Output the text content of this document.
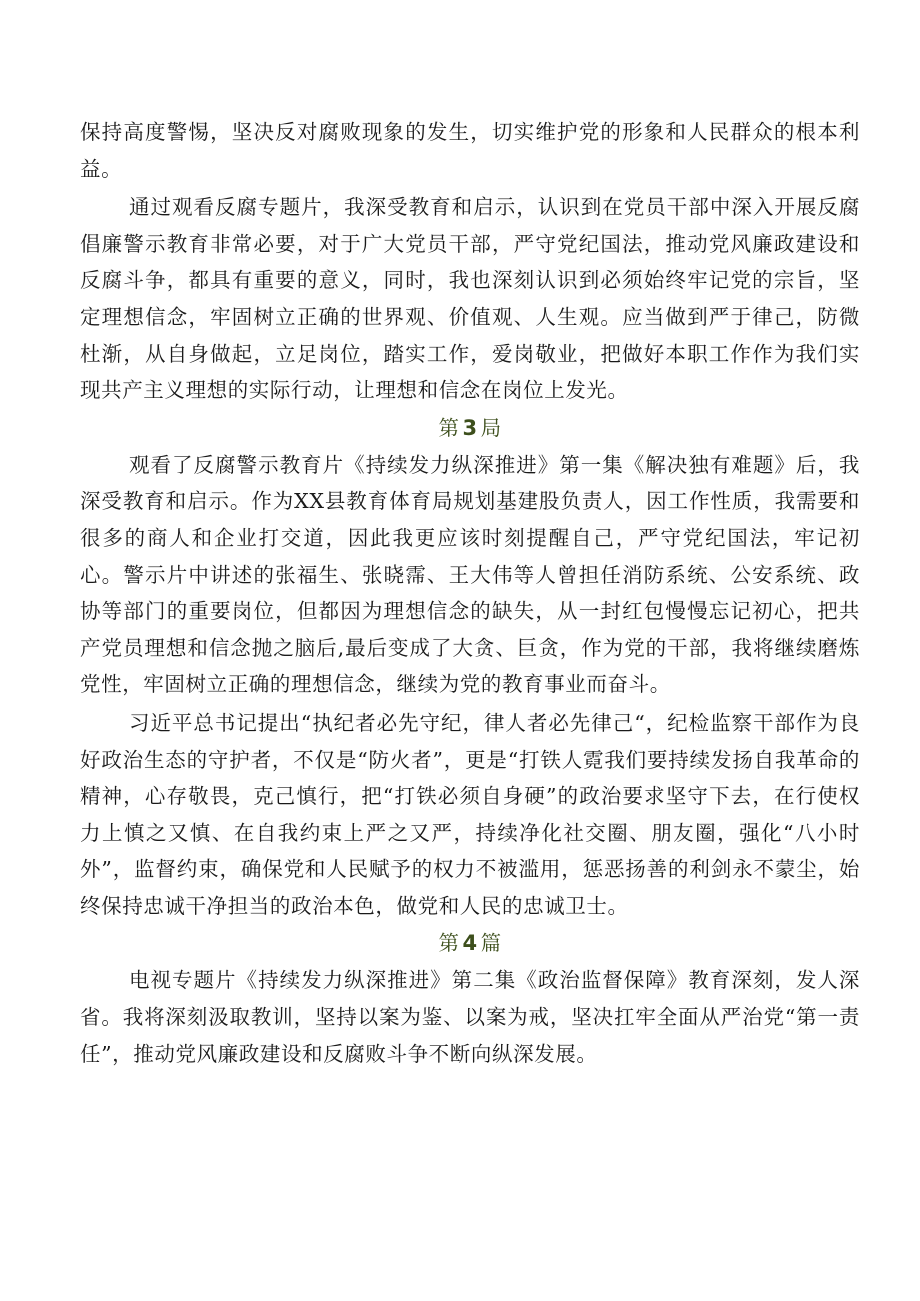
保持高度警惕，坚决反对腐败现象的发生，切实维护党的形象和人民群众的根本利益。

通过观看反腐专题片，我深受教育和启示，认识到在党员干部中深入开展反腐倡廉警示教育非常必要，对于广大党员干部，严守党纪国法，推动党风廉政建设和反腐斗争，都具有重要的意义，同时，我也深刻认识到必须始终牢记党的宗旨，坚定理想信念，牢固树立正确的世界观、价值观、人生观。应当做到严于律己，防微杜渐，从自身做起，立足岗位，踏实工作，爱岗敬业，把做好本职工作作为我们实现共产主义理想的实际行动，让理想和信念在岗位上发光。

第 3 局

观看了反腐警示教育片《持续发力纵深推进》第一集《解决独有难题》后，我深受教育和启示。作为XX县教育体育局规划基建股负责人，因工作性质，我需要和很多的商人和企业打交道，因此我更应该时刻提醒自己，严守党纪国法，牢记初心。警示片中讲述的张福生、张晓霈、王大伟等人曾担任消防系统、公安系统、政协等部门的重要岗位，但都因为理想信念的缺失，从一封红包慢慢忘记初心，把共产党员理想和信念抛之脑后,最后变成了大贪、巨贪，作为党的干部，我将继续磨炼党性，牢固树立正确的理想信念，继续为党的教育事业而奋斗。

习近平总书记提出“执纪者必先守纪，律人者必先律己“，纪检监察干部作为良好政治生态的守护者，不仅是“防火者”，更是“打铁人霓我们要持续发扬自我革命的精神，心存敬畏，克己慎行，把“打铁必须自身硬”的政治要求坚守下去，在行使权力上慎之又慎、在自我约束上严之又严，持续净化社交圈、朋友圈，强化“八小时外”，监督约束，确保党和人民赋予的权力不被滥用，惩恶扬善的利剑永不蒙尘，始终保持忠诚干净担当的政治本色，做党和人民的忠诚卫士。

第 4 篇

电视专题片《持续发力纵深推进》第二集《政治监督保障》教育深刻，发人深省。我将深刻汲取教训，坚持以案为鉴、以案为戒，坚决扛牢全面从严治党“第一责任”，推动党风廉政建设和反腐败斗争不断向纵深发展。
